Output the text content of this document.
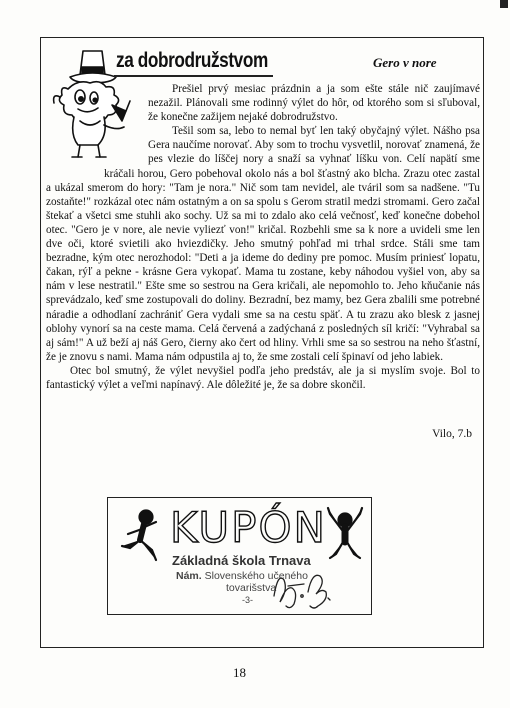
za dobrodružstvom	Gero v nore

Prešiel prvý mesiac prázdnin a ja som ešte stále nič zaujímavé nezažil. Plánovali sme rodinný výlet do hôr, od ktorého som si sľuboval, že konečne zažijem nejaké dobrodružstvo.

Tešil som sa, lebo to nemal byť len taký obyčajný výlet. Nášho psa Gera naučíme norovať. Aby som to trochu vysvetlil, norovať znamená, že pes vlezie do líščej nory a snaží sa vyhnať líšku von. Celí napätí sme kráčali horou, Gero pobehoval okolo nás a bol šťastný ako blcha. Zrazu otec zastal a ukázal smerom do hory: "Tam je nora." Nič som tam nevidel, ale tváril som sa nadšene. "Tu zostaňte!" rozkázal otec nám ostatným a on sa spolu s Gerom stratil medzi stromami. Gero začal štekať a všetci sme stuhli ako sochy. Už sa mi to zdalo ako celá večnosť, keď konečne dobehol otec. "Gero je v nore, ale nevie vyliezť von!" kričal. Rozbehli sme sa k nore a uvideli sme len dve oči, ktoré svietili ako hviezdičky. Jeho smutný pohľad mi trhal srdce. Stáli sme tam bezradne, kým otec nerozhodol: "Deti a ja ideme do dediny pre pomoc. Musím priniesť lopatu, čakan, rýľ a pekne - krásne Gera vykopať. Mama tu zostane, keby náhodou vyšiel von, aby sa nám v lese nestratil." Ešte sme so sestrou na Gera kričali, ale nepomohlo to. Jeho kňučanie nás sprevádzalo, keď sme zostupovali do doliny. Bezradní, bez mamy, bez Gera zbalili sme potrebné náradie a odhodlaní zachrániť Gera vydali sme sa na cestu späť. A tu zrazu ako blesk z jasnej oblohy vynorí sa na ceste mama. Celá červená a zadýchaná z posledných síl kričí: "Vyhrabal sa aj sám!" A už beží aj náš Gero, čierny ako čert od hliny. Vrhli sme sa so sestrou na neho šťastní, že je znovu s nami. Mama nám odpustila aj to, že sme zostali celí špinaví od jeho labiek.

Otec bol smutný, že výlet nevyšiel podľa jeho predstáv, ale ja si myslím svoje. Bol to fantastický výlet a veľmi napínavý. Ale dôležité je, že sa dobre skončil.

Vilo, 7.b
KUPÓN
Základná škola Trnava
Nám. Slovenského učeného
tovarišstva
-3-
18
